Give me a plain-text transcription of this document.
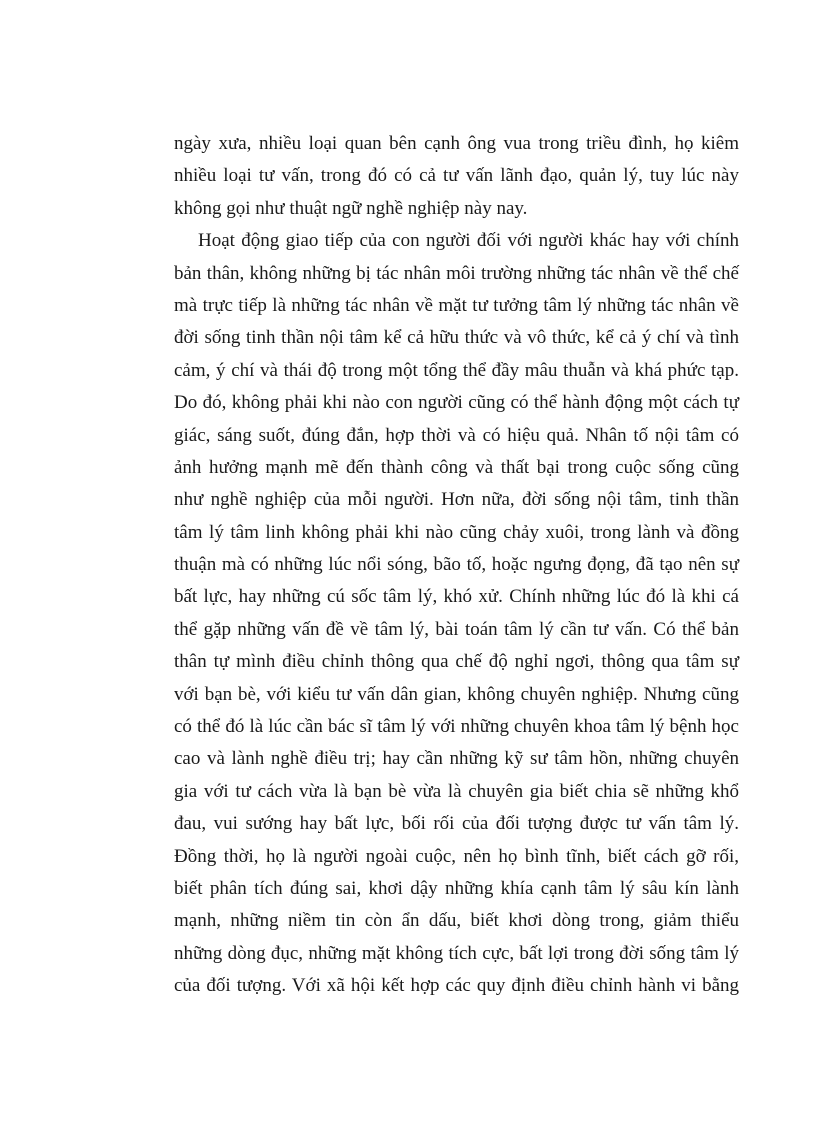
ngày xưa, nhiều loại quan bên cạnh ông vua trong triều đình, họ kiêm
nhiều loại tư vấn, trong đó có cả tư vấn lãnh đạo, quản lý, tuy lúc này
không gọi như thuật ngữ nghề nghiệp này nay.
Hoạt động giao tiếp của con người đối với người khác hay với chính
bản thân, không những bị tác nhân môi trường những tác nhân về thể chế
mà trực tiếp là những tác nhân về mặt tư tưởng tâm lý những tác nhân về
đời sống tinh thần nội tâm kể cả hữu thức và vô thức, kể cả ý chí và tình
cảm, ý chí và thái độ trong một tổng thể đầy mâu thuẫn và khá phức tạp.
Do đó, không phải khi nào con người cũng có thể hành động một cách tự
giác, sáng suốt, đúng đắn, hợp thời và có hiệu quả. Nhân tố nội tâm có
ảnh hưởng mạnh mẽ đến thành công và thất bại trong cuộc sống cũng
như nghề nghiệp của mỗi người. Hơn nữa, đời sống nội tâm, tinh thần
tâm lý tâm linh không phải khi nào cũng chảy xuôi, trong lành và đồng
thuận mà có những lúc nổi sóng, bão tố, hoặc ngưng đọng, đã tạo nên sự
bất lực, hay những cú sốc tâm lý, khó xử. Chính những lúc đó là khi cá
thể gặp những vấn đề về tâm lý, bài toán tâm lý cần tư vấn. Có thể bản
thân tự mình điều chỉnh thông qua chế độ nghỉ ngơi, thông qua tâm sự
với bạn bè, với kiểu tư vấn dân gian, không chuyên nghiệp. Nhưng cũng
có thể đó là lúc cần bác sĩ tâm lý với những chuyên khoa tâm lý bệnh học
cao và lành nghề điều trị; hay cần những kỹ sư tâm hồn, những chuyên
gia với tư cách vừa là bạn bè vừa là chuyên gia biết chia sẽ những khổ
đau, vui sướng hay bất lực, bối rối của đối tượng được tư vấn tâm lý.
Đồng thời, họ là người ngoài cuộc, nên họ bình tĩnh, biết cách gỡ rối,
biết phân tích đúng sai, khơi dậy những khía cạnh tâm lý sâu kín lành
mạnh, những niềm tin còn ẩn dấu, biết khơi dòng trong, giảm thiểu
những dòng đục, những mặt không tích cực, bất lợi trong đời sống tâm lý
của đối tượng. Với xã hội kết hợp các quy định điều chỉnh hành vi bằng
